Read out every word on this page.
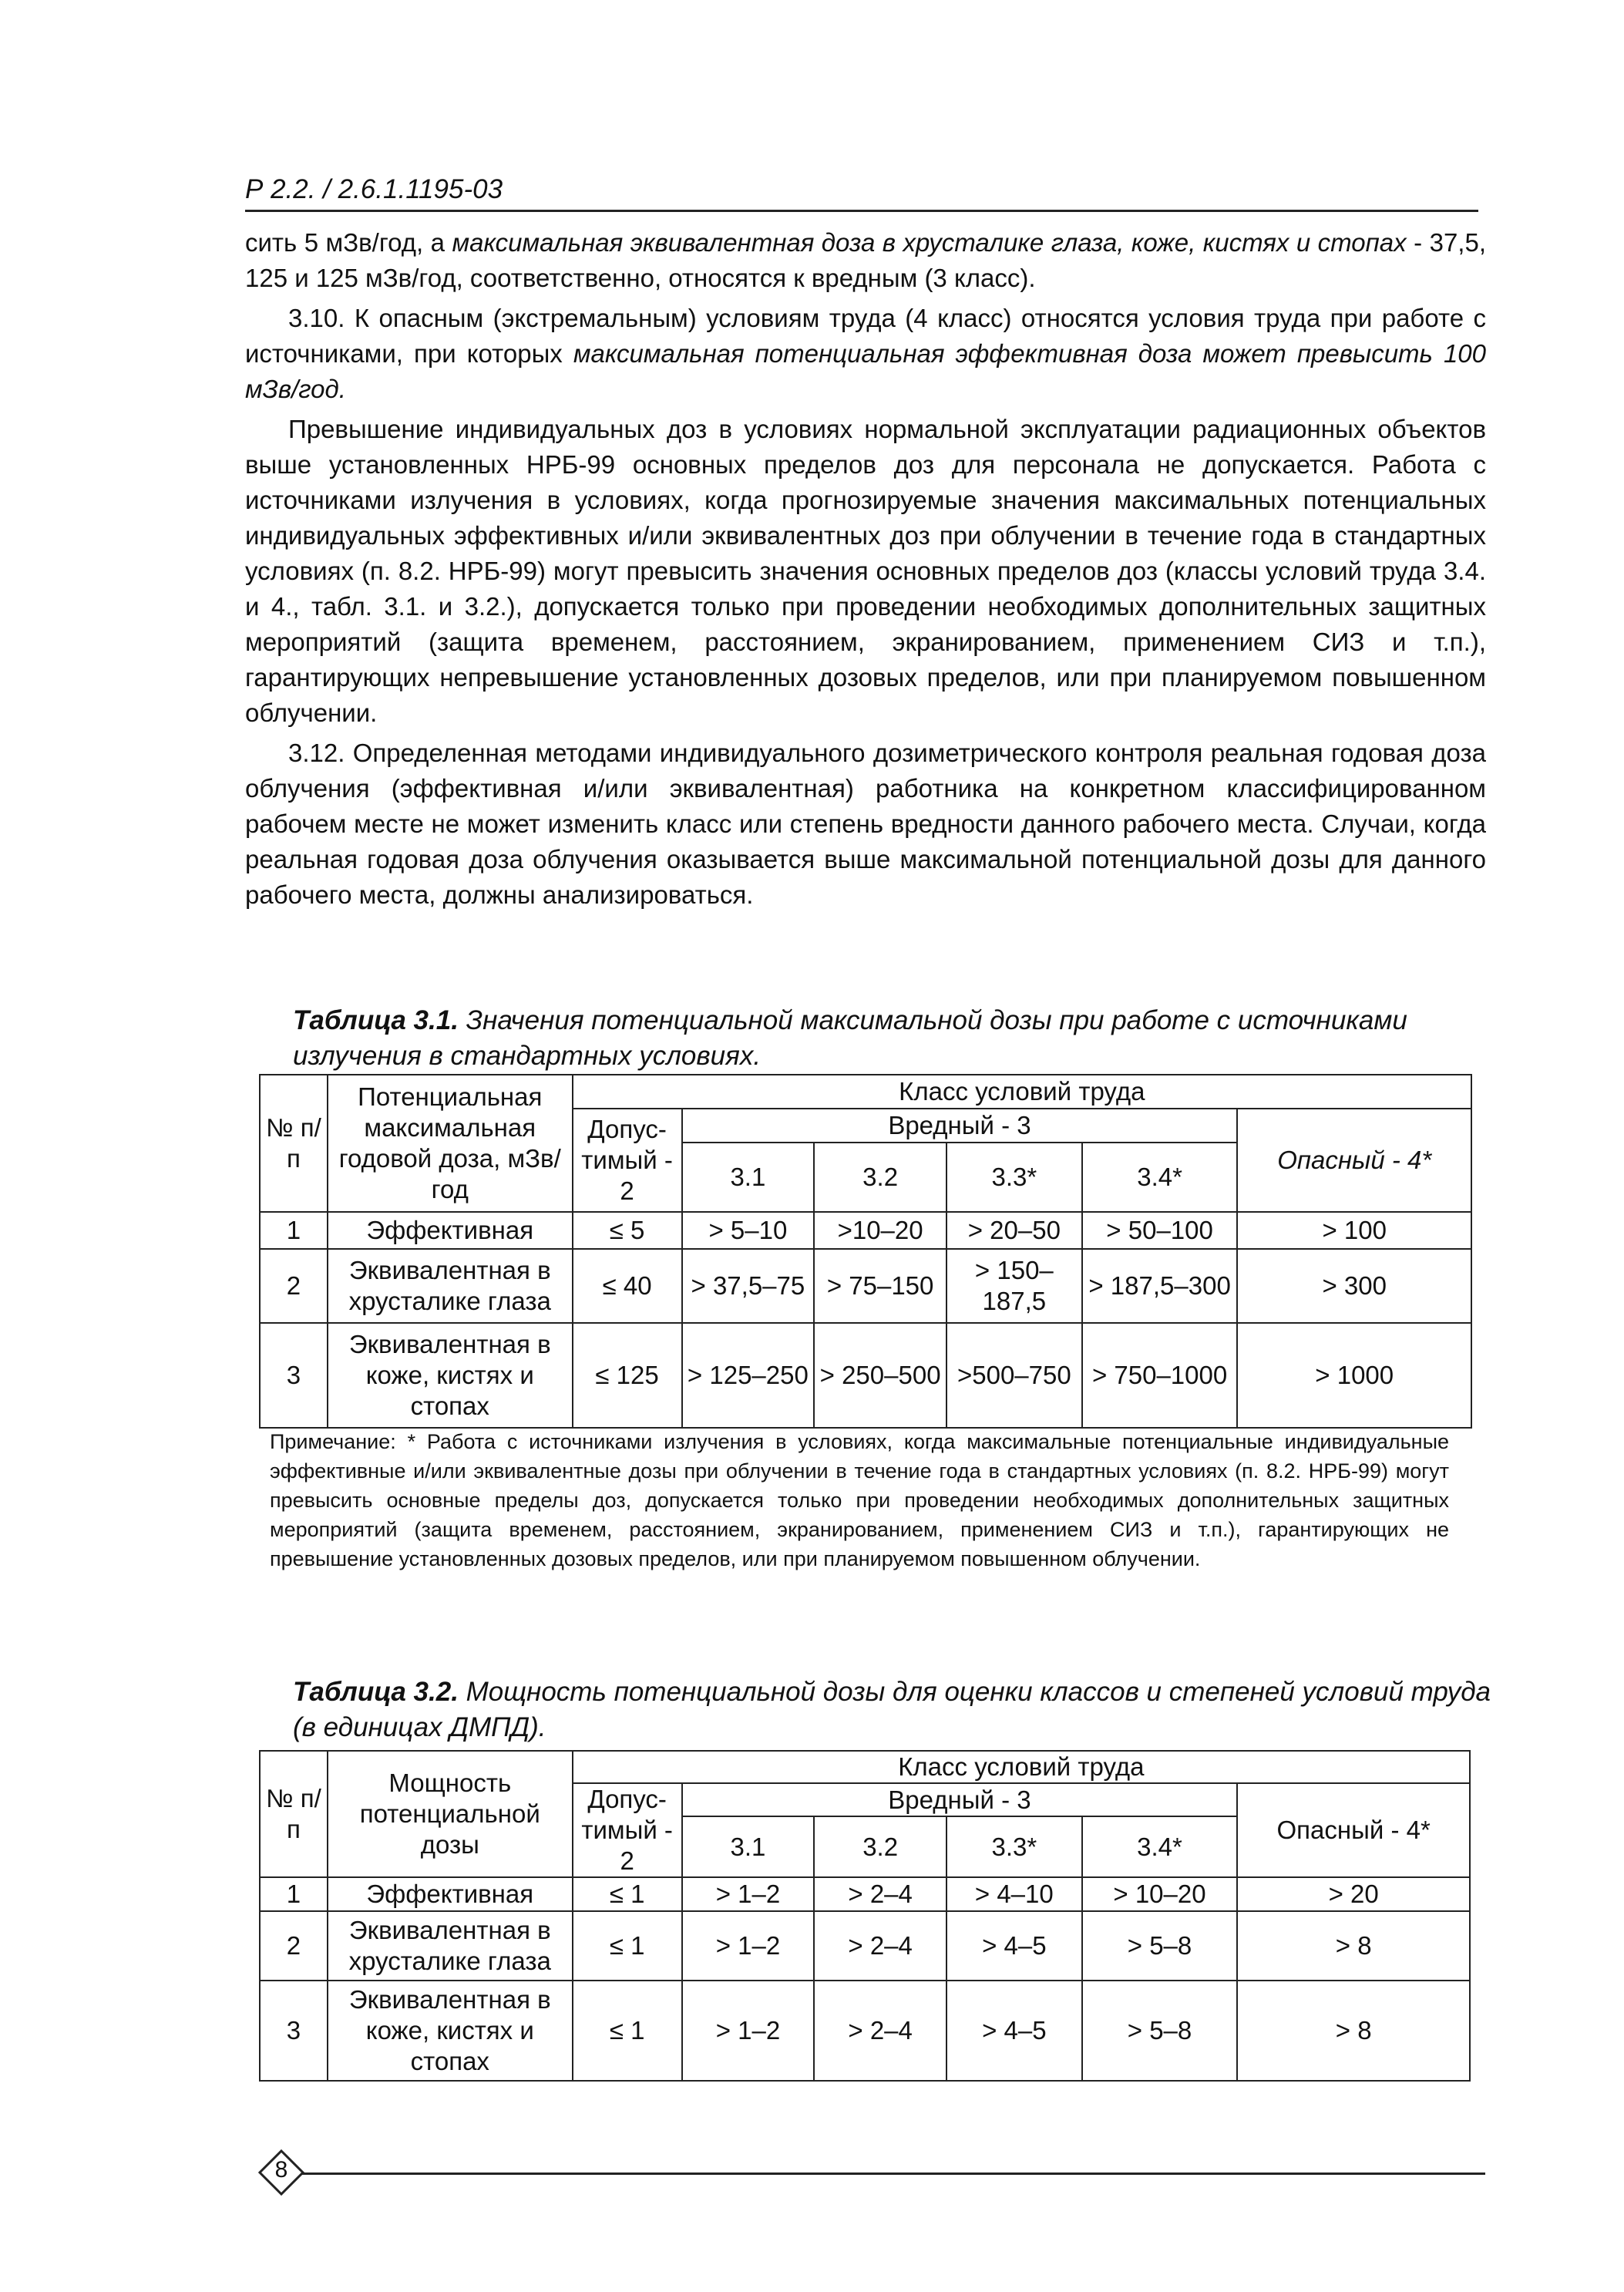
Р 2.2. / 2.6.1.1195-03

сить 5 мЗв/год, а максимальная эквивалентная доза в хрусталике глаза, коже, кистях и стопах - 37,5, 125 и 125 мЗв/год, соответственно, относятся к вредным (3 класс).

3.10. К опасным (экстремальным) условиям труда (4 класс) относятся условия труда при работе с источниками, при которых максимальная потенциальная эффективная доза может превысить 100 мЗв/год.

Превышение индивидуальных доз в условиях нормальной эксплуатации радиационных объектов выше установленных НРБ-99 основных пределов доз для персонала не допускается. Работа с источниками излучения в условиях, когда прогнозируемые значения максимальных потенциальных индивидуальных эффективных и/или эквивалентных доз при облучении в течение года в стандартных условиях (п. 8.2. НРБ-99) могут превысить значения основных пределов доз (классы условий труда 3.4. и 4., табл. 3.1. и 3.2.), допускается только при проведении необходимых дополнительных защитных мероприятий (защита временем, расстоянием, экранированием, применением СИЗ и т.п.), гарантирующих непревышение установленных дозовых пределов, или при планируемом повышенном облучении.

3.12. Определенная методами индивидуального дозиметрического контроля реальная годовая доза облучения (эффективная и/или эквивалентная) работника на конкретном классифицированном рабочем месте не может изменить класс или степень вредности данного рабочего места. Случаи, когда реальная годовая доза облучения оказывается выше максимальной потенциальной дозы для данного рабочего места, должны анализироваться.

Таблица 3.1. Значения потенциальной максимальной дозы при работе с источниками излучения в стандартных условиях.
№ п/п	Потенциальная максимальная годовой доза, мЗв/год	Класс условий труда					
		Допус-тимый - 2	Вредный - 3				Опасный - 4*
			3.1	3.2	3.3*	3.4*	
1	Эффективная	≤ 5	> 5–10	>10–20	> 20–50	> 50–100	> 100
2	Эквивалентная в хрусталике глаза	≤ 40	> 37,5–75	> 75–150	> 150–187,5	> 187,5–300	> 300
3	Эквивалентная в коже, кистях и стопах	≤ 125	> 125–250	> 250–500	>500–750	> 750–1000	> 1000
Примечание: * Работа с источниками излучения в условиях, когда максимальные потенциальные индивидуальные эффективные и/или эквивалентные дозы при облучении в течение года в стандартных условиях (п. 8.2. НРБ-99) могут превысить основные пределы доз, допускается только при проведении необходимых дополнительных защитных мероприятий (защита временем, расстоянием, экранированием, применением СИЗ и т.п.), гарантирующих не превышение установленных дозовых пределов, или при планируемом повышенном облучении.
Таблица 3.2. Мощность потенциальной дозы для оценки классов и степеней условий труда (в единицах ДМПД).
№ п/п	Мощность потенциальной дозы	Класс условий труда					
		Допус-тимый - 2	Вредный - 3				Опасный - 4*
			3.1	3.2	3.3*	3.4*	
1	Эффективная	≤ 1	> 1–2	> 2–4	> 4–10	> 10–20	> 20
2	Эквивалентная в хрусталике глаза	≤ 1	> 1–2	> 2–4	> 4–5	> 5–8	> 8
3	Эквивалентная в коже, кистях и стопах	≤ 1	> 1–2	> 2–4	> 4–5	> 5–8	> 8
8
